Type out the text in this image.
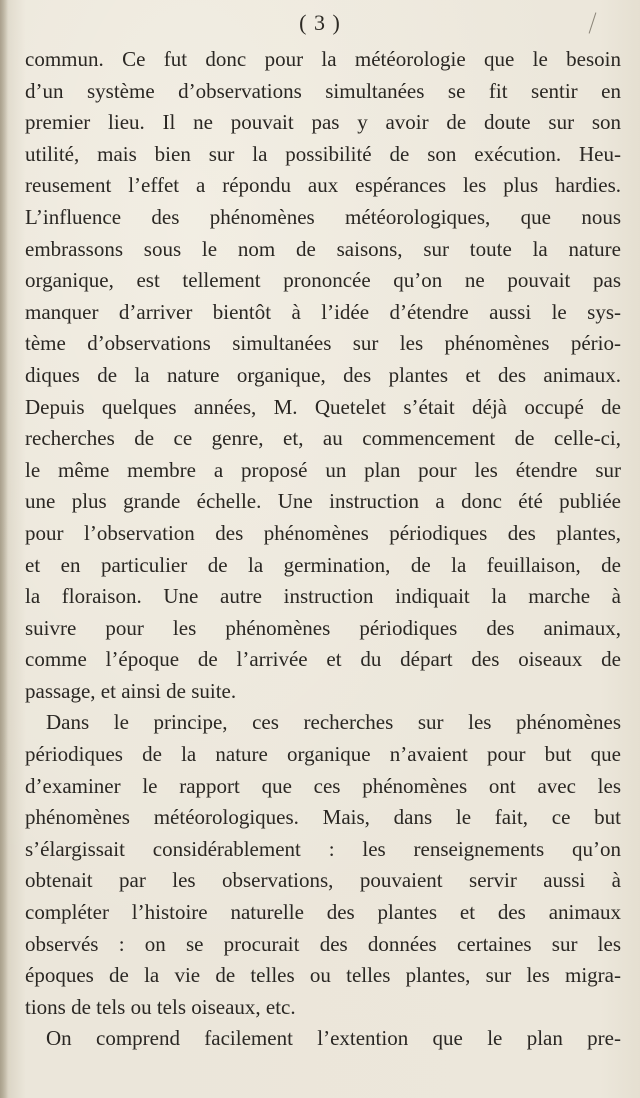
( 3 )
commun. Ce fut donc pour la météorologie que le besoin
d’un système d’observations simultanées se fit sentir en
premier lieu. Il ne pouvait pas y avoir de doute sur son
utilité, mais bien sur la possibilité de son exécution. Heu-
reusement l’effet a répondu aux espérances les plus hardies.
L’influence des phénomènes météorologiques, que nous
embrassons sous le nom de saisons, sur toute la nature
organique, est tellement prononcée qu’on ne pouvait pas
manquer d’arriver bientôt à l’idée d’étendre aussi le sys-
tème d’observations simultanées sur les phénomènes pério-
diques de la nature organique, des plantes et des animaux.
Depuis quelques années, M. Quetelet s’était déjà occupé de
recherches de ce genre, et, au commencement de celle-ci,
le même membre a proposé un plan pour les étendre sur
une plus grande échelle. Une instruction a donc été publiée
pour l’observation des phénomènes périodiques des plantes,
et en particulier de la germination, de la feuillaison, de
la floraison. Une autre instruction indiquait la marche à
suivre pour les phénomènes périodiques des animaux,
comme l’époque de l’arrivée et du départ des oiseaux de
passage, et ainsi de suite.
Dans le principe, ces recherches sur les phénomènes
périodiques de la nature organique n’avaient pour but que
d’examiner le rapport que ces phénomènes ont avec les
phénomènes météorologiques. Mais, dans le fait, ce but
s’élargissait considérablement : les renseignements qu’on
obtenait par les observations, pouvaient servir aussi à
compléter l’histoire naturelle des plantes et des animaux
observés : on se procurait des données certaines sur les
époques de la vie de telles ou telles plantes, sur les migra-
tions de tels ou tels oiseaux, etc.
On comprend facilement l’extention que le plan pre-
